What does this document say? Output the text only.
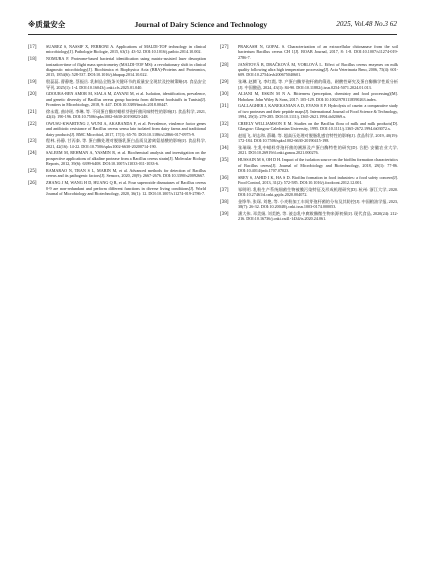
※质量安全	Journal of Dairy Science and Technology	2025, Vol.48 No.3 62
[17]	SUAREZ S, NASSIF X, FERRONI A. Applications of MALDI-TOF technology in clinical microbiology[J]. Pathologie Biologie, 2015, 63(1): 43-52. DOI:10.1016/j.patbio.2014.10.002.
[18]	NOMURA F. Proteome-based bacterial identification using matrix-assisted laser desorption ionization-time of flight mass spectrometry (MALDI-TOF MS): a revolutionary shift in clinical diagnostic microbiology[J]. Biochimica et Biophysica Acta (BBA)-Proteins and Proteomics, 2015, 1854(6): 528-537. DOI:10.1016/j.bbapap.2014.10.022.
[19]	殷蕊蕊, 曹静艳, 蔡振岳. 乳制品全链条关键环节的质量安全现状及控制策略[J]. 食品安全导刊, 2025(1): 1-4. DOI:10.16043/j.cnki.cfs.2025.01.040.
[20]	GDOURA-BEN AMOR M, SIALA M, ZAYANI M, et al. Isolation, identification, prevalence, and genetic diversity of Bacillus cereus group bacteria from different foodstuffs in Tunisia[J]. Frontiers in Microbiology, 2018, 9: 447. DOI:10.3389/fmicb.2018.00447.
[21]	徐永霞, 曲诗瑶, 李琳, 等. 不同蛋白酶对蜡样芽孢杆菌风味特性的影响[J]. 食品科学, 2021, 42(4): 190-196. DOI:10.7506/spkx1002-6630-20190823-248.
[22]	OWUSU-KWARTENG J, WUNI A, AKABANDA F, et al. Prevalence, virulence factor genes and antibiotic resistance of Bacillus cereus sensu lato isolated from dairy farms and traditional dairy products[J]. BMC Microbiol, 2017, 17(1): 65-70. DOI:10.1186/s12866-017-0975-9.
[23]	程林, 孙静, 甘丙泰, 等. 蛋白酶处理对脱脂乳蛋白品质及游离氨基酸的影响[J]. 食品科学, 2021, 42(16): 14-22. DOI:10.7506/spkx1002-6630-20200714-190.
[24]	SALEEM M, REHMAN A, YASMIN R, et al. Biochemical analysis and investigation on the prospective applications of alkaline protease from a Bacillus cereus strain[J]. Molecular Biology Reports, 2012, 39(6): 6399-6408. DOI:10.1007/s11033-011-1033-6.
[25]	RAMARAO N, TRAN S L, MARIN M, et al. Advanced methods for detection of Bacillus cereus and its pathogenic factors[J]. Sensors, 2020, 20(9): 2667-2676. DOI:10.3390/s20092667.
[26]	ZHANG J M, WANG H D, HUANG Q R, et al. Four superoxide dismutases of Bacillus cereus 0-9 are non-redundant and perform different functions in diverse living conditions[J]. World Journal of Microbiology and Biotechnology, 2020, 36(1): 12. DOI:10.1007/s11274-019-2786-7.
[27]	PRAKASH N, GOPAL S. Characterization of an extracellular chitosanase from the soil bacterium Bacillus cereus CH 1[J]. BOAB Journal, 2017, 8: 1-8. DOI:10.1007/s11274-019-2786-7.
[28]	JANŠTOVÁ B, DRAČKOVÁ M, VORLOVÁ L. Effect of Bacillus cereus enzymes on milk quality following ultra high temperature processing[J]. Acta Veterinaria Brno, 2006, 75(4): 601-609. DOI:10.2754/avb200675040601.
[29]	张琳, 赵腾飞, 李红霞, 等. 产蛋白酶芽孢杆菌的筛选、耐酸性研究及蛋白酶酶学性质分析[J]. 中国酿造, 2024, 43(1): 84-90. DOI:10.11882/j.issn.0254-5071.2024.01.013.
[30]	ALIANI M, ESKIN M N A. Bitterness (perception, chemistry and food processing)[M]. Hoboken: John Wiley & Sons, 2017: 105-129. DOI:10.1002/9781118590263.index.
[31]	GALLAGHER J, KANEKANIAN A D, EVANS E P. Hydrolysis of casein: a comparative study of two proteases and their peptide maps[J]. International Journal of Food Science & Technology, 1994, 29(3): 279-285. DOI:10.1111/j.1365-2621.1994.tb02069.x.
[32]	CREELY WILLIAMSON E M. Studies on the Bacillus flora of milk and milk products[D]. Glasgow: Glasgow Caledonian University, 1995. DOI:10.1111/j.1365-2672.1994.tb03072.x.
[33]	赵旭飞, 胡志和, 薛璐, 等. 超高压处理对脱脂乳感官特性的影响[J]. 食品科学, 2019, 40(19): 172-184. DOI:10.7506/spkx1002-6630-20190415-198.
[34]	张瑞瑞. 生乳中蜡样芽孢杆菌的溯源及产蛋白酶特性的研究[D]. 合肥: 安徽农业大学, 2021. DOI:10.26919/d.cnki.ganou.2021.000276.
[35]	HUSSAIN M S, OH D H. Impact of the isolation source on the biofilm formation characteristics of Bacillus cereus[J]. Journal of Microbiology and Biotechnology, 2018, 28(1): 77-86. DOI:10.4014/jmb.1707.07023.
[36]	SREY S, JAHID I K, HA S D. Biofilm formation in food industries: a food safety concern[J]. Food Control, 2013, 31(2): 572-585. DOI:10.1016/j.foodcont.2012.12.001.
[37]	邹明明. 乳粉生产系统细菌生物被膜污染特征及形成机理研究[D]. 杭州: 浙江大学, 2020. DOI:10.27461/d.cnki.gzjdx.2020.004072.
[38]	金铮华, 张琛, 刘艳, 等. 小麦粉加工车间芽孢杆菌的分布及其防控[J]. 中国粮油学报, 2023, 38(7): 26-32. DOI:10.20048/j.cnki.issn.1003-0174.000053.
[39]	潘大伟, 邓美娟, 刘美艳, 等. 液态乳中腐败酶微生物来源初探[J]. 现代食品, 2020(24): 212-216. DOI:10.16736/j.cnki.cn41-1434/ts.2020.24.061.
